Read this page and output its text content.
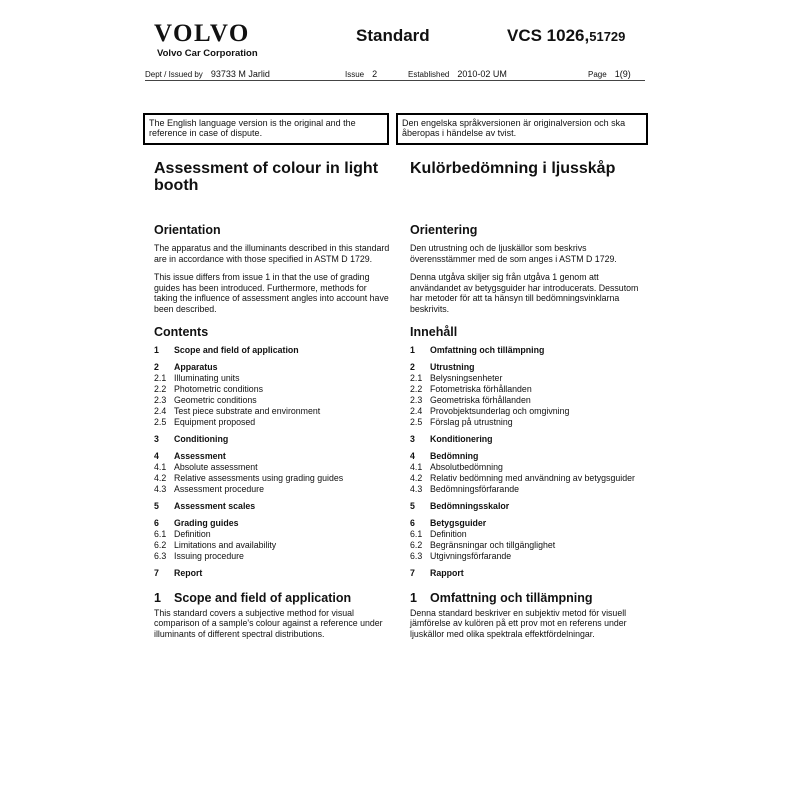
VOLVO
Volvo Car Corporation
Standard	VCS 1026,51729
Dept / Issued by 93733 M Jarlid	Issue 2	Established 2010-02 UM	Page 1(9)
The English language version is the original and the reference in case of dispute.
Den engelska språkversionen är originalversion och ska åberopas i händelse av tvist.
Assessment of colour in light booth
Orientation
The apparatus and the illuminants described in this standard are in accordance with those specified in ASTM D 1729.
This issue differs from issue 1 in that the use of grading guides has been introduced. Furthermore, methods for taking the influence of assessment angles into account have been described.
Contents
1	Scope and field of application
2	Apparatus
2.1 Illuminating units
2.2 Photometric conditions
2.3 Geometric conditions
2.4 Test piece substrate and environment
2.5 Equipment proposed
3	Conditioning
4	Assessment
4.1 Absolute assessment
4.2 Relative assessments using grading guides
4.3 Assessment procedure
5	Assessment scales
6	Grading guides
6.1 Definition
6.2 Limitations and availability
6.3 Issuing procedure
7	Report
1 Scope and field of application
This standard covers a subjective method for visual comparison of a sample's colour against a reference under illuminants of different spectral distributions.
Kulörbedömning i ljusskåp
Orientering
Den utrustning och de ljuskällor som beskrivs överensstämmer med de som anges i ASTM D 1729.
Denna utgåva skiljer sig från utgåva 1 genom att användandet av betygsguider har introducerats. Dessutom har metoder för att ta hänsyn till bedömningsvinklarna beskrivits.
Innehåll
1	Omfattning och tillämpning
2	Utrustning
2.1 Belysningsenheter
2.2 Fotometriska förhållanden
2.3 Geometriska förhållanden
2.4 Provobjektsunderlag och omgivning
2.5 Förslag på utrustning
3	Konditionering
4	Bedömning
4.1 Absolutbedömning
4.2 Relativ bedömning med användning av betygsguider
4.3 Bedömningsförfarande
5	Bedömningsskalor
6	Betygsguider
6.1 Definition
6.2 Begränsningar och tillgänglighet
6.3 Utgivningsförfarande
7	Rapport
1 Omfattning och tillämpning
Denna standard beskriver en subjektiv metod för visuell jämförelse av kulören på ett prov mot en referens under ljuskällor med olika spektrala effektfördelningar.
